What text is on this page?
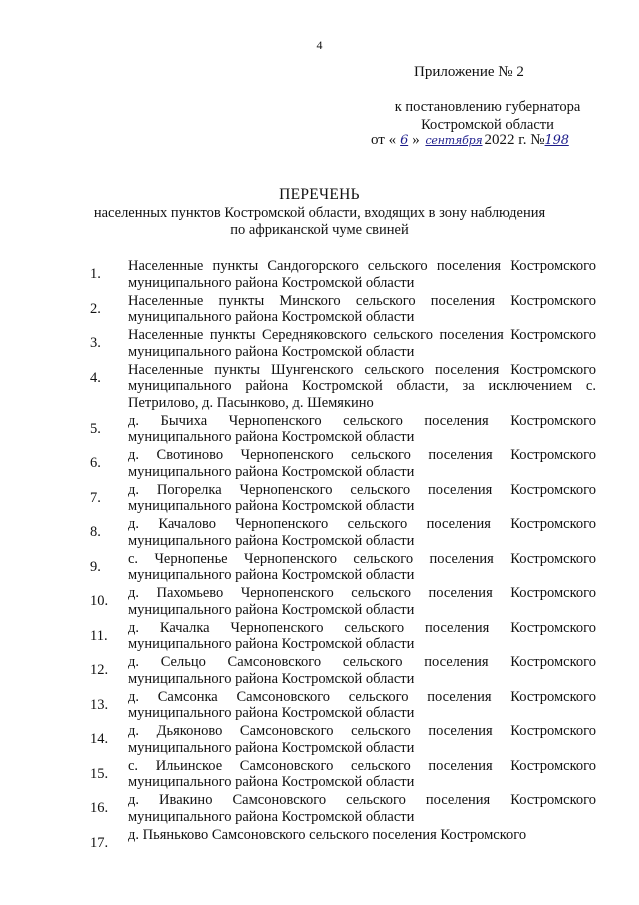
4
Приложение № 2
к постановлению губернатора
Костромской области
от « 6 » сентября 2022 г. №198
ПЕРЕЧЕНЬ
населенных пунктов Костромской области, входящих в зону наблюдения
по африканской чуме свиней
1.	Населенные пункты Сандогорского сельского поселения Костромского муниципального района Костромской области
2.	Населенные пункты Минского сельского поселения Костромского муниципального района Костромской области
3.	Населенные пункты Середняковского сельского поселения Костромского муниципального района Костромской области
4.	Населенные пункты Шунгенского сельского поселения Костромского муниципального района Костромской области, за исключением с. Петрилово, д. Пасынково, д. Шемякино
5.	д. Бычиха Чернопенского сельского поселения Костромского муниципального района Костромской области
6.	д. Свотиново Чернопенского сельского поселения Костромского муниципального района Костромской области
7.	д. Погорелка Чернопенского сельского поселения Костромского муниципального района Костромской области
8.	д. Качалово Чернопенского сельского поселения Костромского муниципального района Костромской области
9.	с. Чернопенье Чернопенского сельского поселения Костромского муниципального района Костромской области
10.	д. Пахомьево Чернопенского сельского поселения Костромского муниципального района Костромской области
11.	д. Качалка Чернопенского сельского поселения Костромского муниципального района Костромской области
12.	д. Сельцо Самсоновского сельского поселения Костромского муниципального района Костромской области
13.	д. Самсонка Самсоновского сельского поселения Костромского муниципального района Костромской области
14.	д. Дьяконово Самсоновского сельского поселения Костромского муниципального района Костромской области
15.	с. Ильинское Самсоновского сельского поселения Костромского муниципального района Костромской области
16.	д. Ивакино Самсоновского сельского поселения Костромского муниципального района Костромской области
17.	д. Пьяньково Самсоновского сельского поселения Костромского
